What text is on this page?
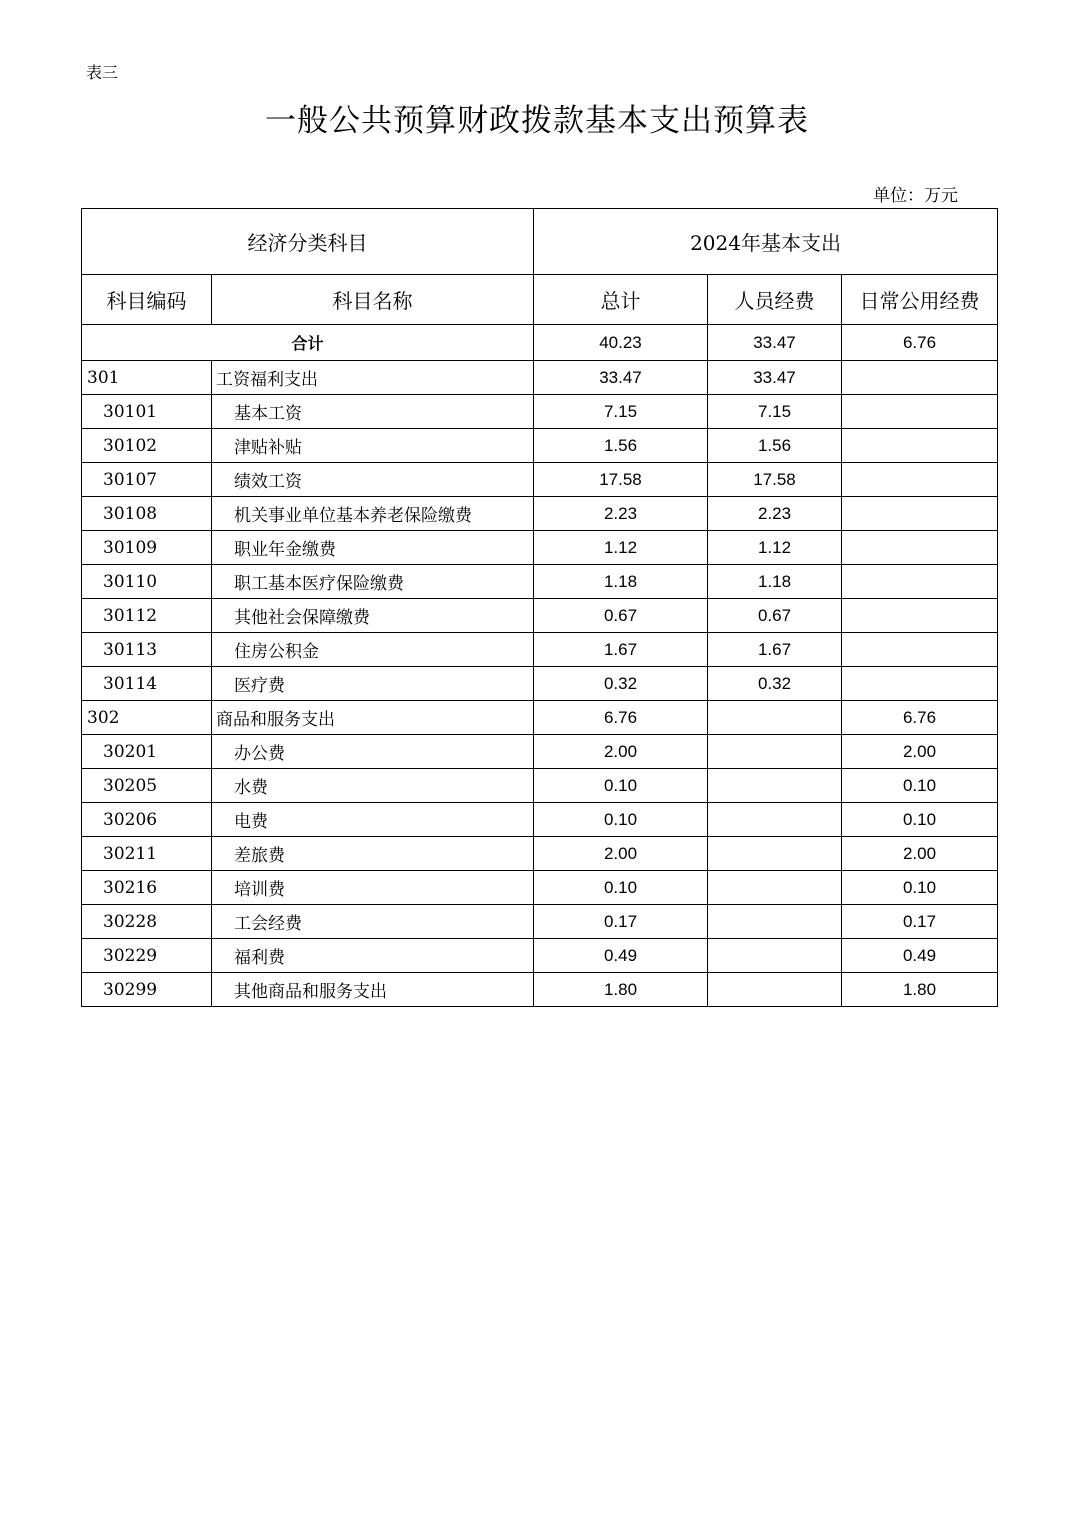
表三
一般公共预算财政拨款基本支出预算表
单位：万元
经济分类科目		2024年基本支出		
科目编码	科目名称	总计	人员经费	日常公用经费
合计		40.23	33.47	6.76
301	工资福利支出	33.47	33.47	
30101	基本工资	7.15	7.15	
30102	津贴补贴	1.56	1.56	
30107	绩效工资	17.58	17.58	
30108	机关事业单位基本养老保险缴费	2.23	2.23	
30109	职业年金缴费	1.12	1.12	
30110	职工基本医疗保险缴费	1.18	1.18	
30112	其他社会保障缴费	0.67	0.67	
30113	住房公积金	1.67	1.67	
30114	医疗费	0.32	0.32	
302	商品和服务支出	6.76		6.76
30201	办公费	2.00		2.00
30205	水费	0.10		0.10
30206	电费	0.10		0.10
30211	差旅费	2.00		2.00
30216	培训费	0.10		0.10
30228	工会经费	0.17		0.17
30229	福利费	0.49		0.49
30299	其他商品和服务支出	1.80		1.80
